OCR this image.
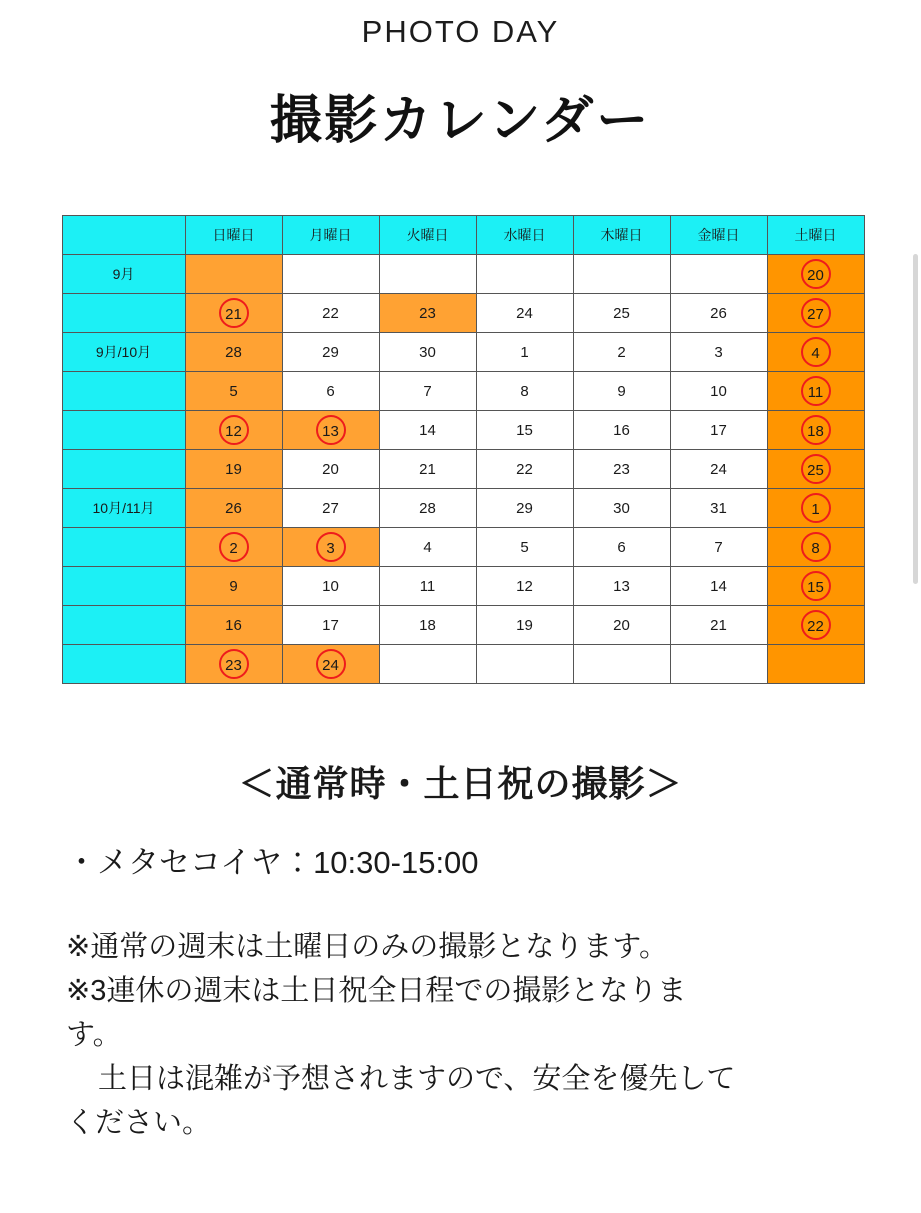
PHOTO DAY
撮影カレンダー
	日曜日	月曜日	火曜日	水曜日	木曜日	金曜日	土曜日
9月							20
	21	22	23	24	25	26	27
9月/10月	28	29	30	1	2	3	4
	5	6	7	8	9	10	11
	12	13	14	15	16	17	18
	19	20	21	22	23	24	25
10月/11月	26	27	28	29	30	31	1
	2	3	4	5	6	7	8
	9	10	11	12	13	14	15
	16	17	18	19	20	21	22
	23	24					
＜通常時・土日祝の撮影＞
・メタセコイヤ：10:30-15:00

※通常の週末は土曜日のみの撮影となります。

※3連休の週末は土日祝全日程での撮影となりま

す。

土日は混雑が予想されますので、安全を優先して

ください。
